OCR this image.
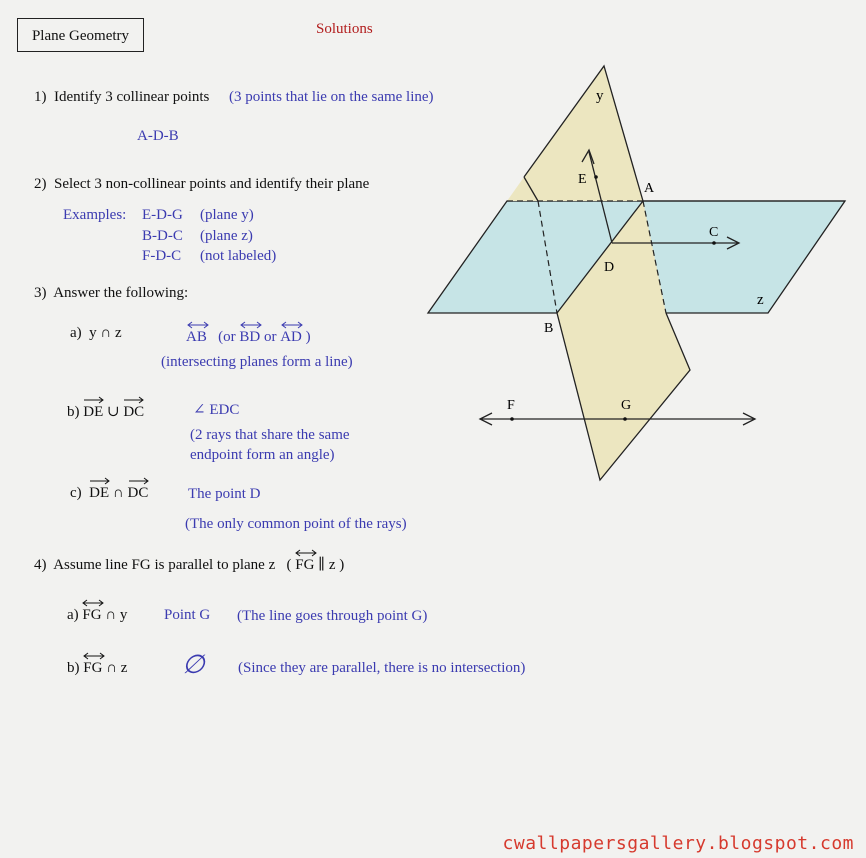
Plane Geometry	Solutions
1) Identify 3 collinear points (3 points that lie on the same line)
A-D-B
2) Select 3 non-collinear points and identify their plane
Examples: E-D-G (plane y)
B-D-C (plane z)
F-D-C (not labeled)
3) Answer the following:
a) y ∩ z	AB (or BD or AD )
(intersecting planes form a line)
b) DE ∪ DC	∠ EDC
(2 rays that share the same
endpoint form an angle)
c) DE ∩ DC	The point D
(The only common point of the rays)
4) Assume line FG is parallel to plane z ( FG ∥ z )
a) FG ∩ y Point G (The line goes through point G)
b) FG ∩ z ∅ (Since they are parallel, there is no intersection)
y
z
A
B
C
D
E
F	G
cwallpapersgallery.blogspot.com
